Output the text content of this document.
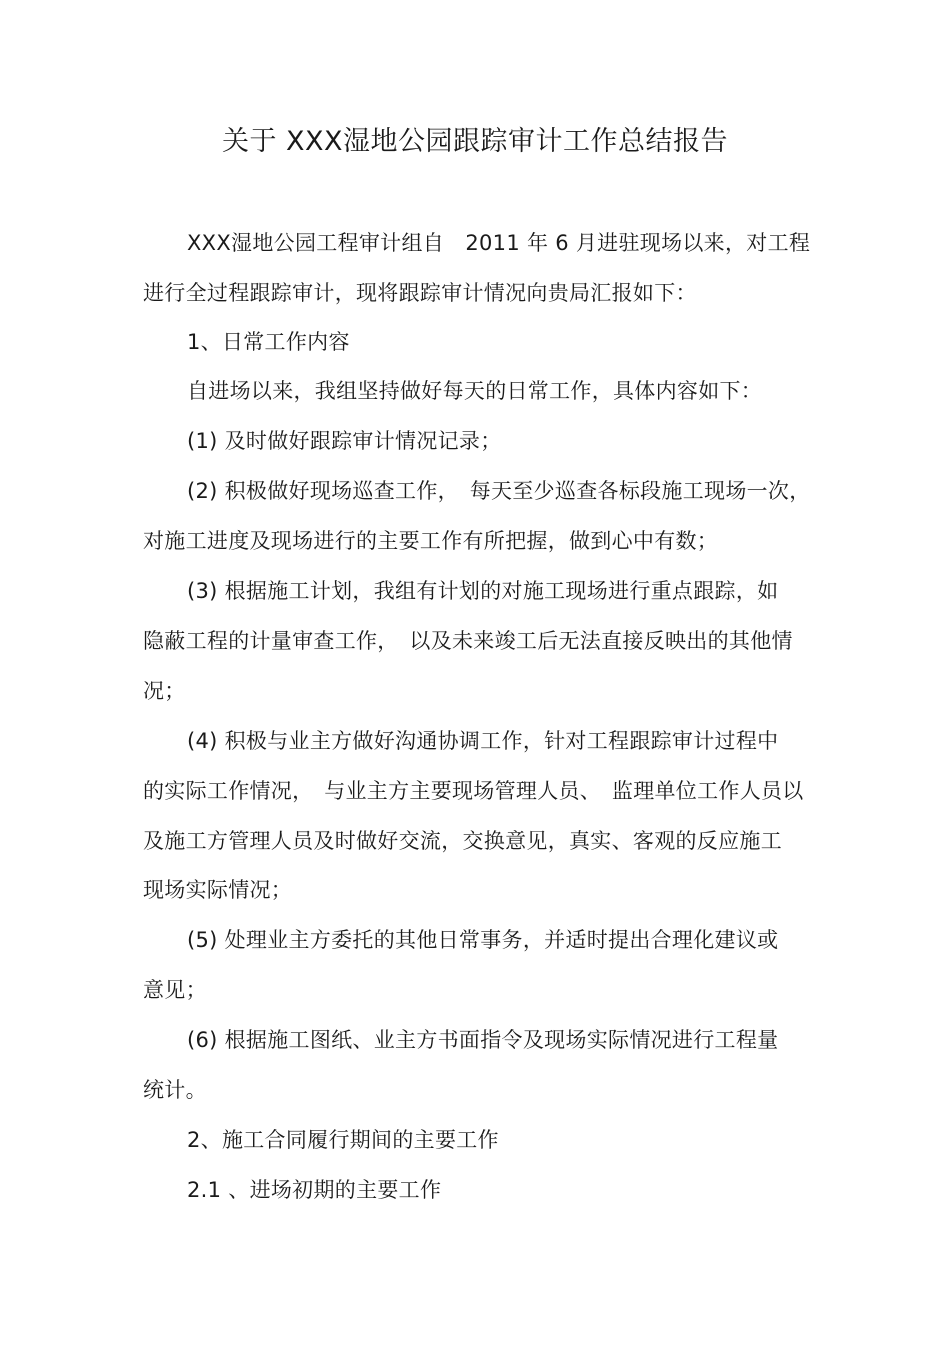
关于 XXX湿地公园跟踪审计工作总结报告
XXX湿地公园工程审计组自　2011 年 6 月进驻现场以来，对工程
进行全过程跟踪审计，现将跟踪审计情况向贵局汇报如下：
1、日常工作内容
自进场以来，我组坚持做好每天的日常工作，具体内容如下：
(1) 及时做好跟踪审计情况记录；
(2) 积极做好现场巡查工作，　每天至少巡查各标段施工现场一次，
对施工进度及现场进行的主要工作有所把握，做到心中有数；
(3) 根据施工计划，我组有计划的对施工现场进行重点跟踪，如
隐蔽工程的计量审查工作，　以及未来竣工后无法直接反映出的其他情
况；
(4) 积极与业主方做好沟通协调工作，针对工程跟踪审计过程中
的实际工作情况，　与业主方主要现场管理人员、　监理单位工作人员以
及施工方管理人员及时做好交流，交换意见，真实、客观的反应施工
现场实际情况；
(5) 处理业主方委托的其他日常事务，并适时提出合理化建议或
意见；
(6) 根据施工图纸、业主方书面指令及现场实际情况进行工程量
统计。
2、施工合同履行期间的主要工作
2.1 、进场初期的主要工作
